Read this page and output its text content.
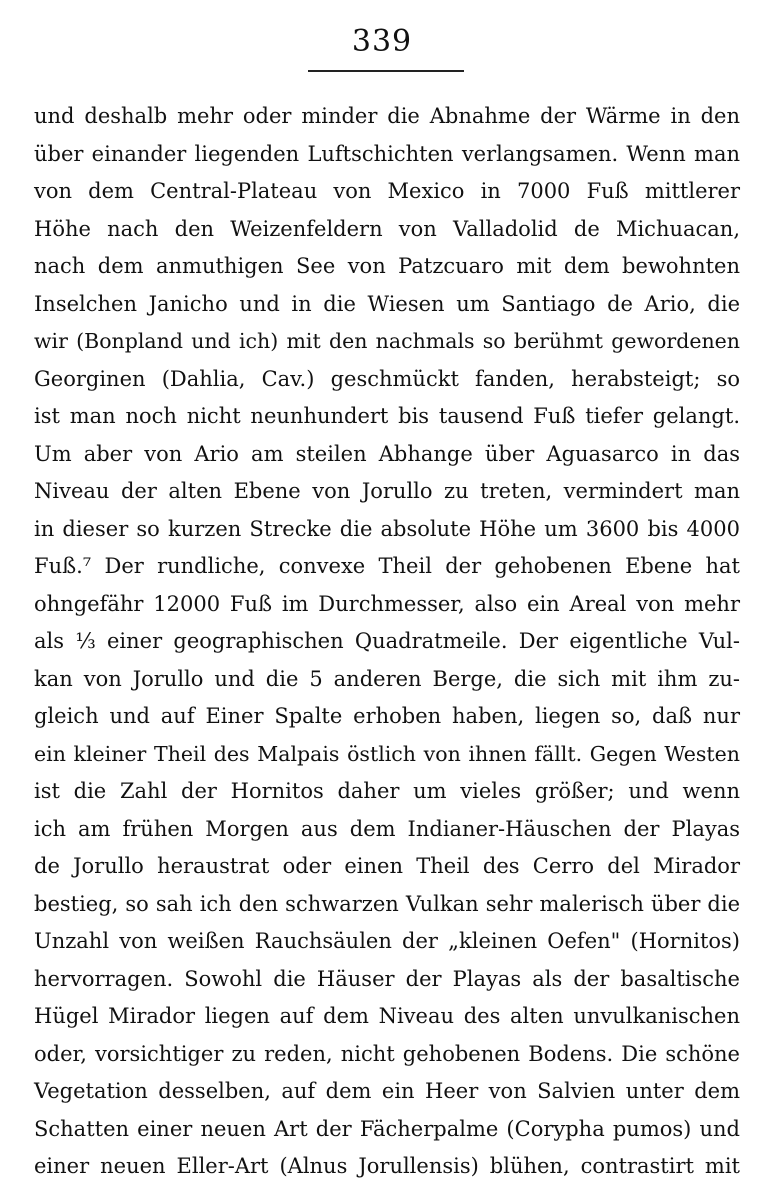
339
und deshalb mehr oder minder die Abnahme der Wärme in den
über einander liegenden Luftschichten verlangsamen. Wenn man
von dem Central-Plateau von Mexico in 7000 Fuß mittlerer
Höhe nach den Weizenfeldern von Valladolid de Michuacan,
nach dem anmuthigen See von Patzcuaro mit dem bewohnten
Inselchen Janicho und in die Wiesen um Santiago de Ario, die
wir (Bonpland und ich) mit den nachmals so berühmt gewordenen
Georginen (Dahlia, Cav.) geschmückt fanden, herabsteigt; so
ist man noch nicht neunhundert bis tausend Fuß tiefer gelangt.
Um aber von Ario am steilen Abhange über Aguasarco in das
Niveau der alten Ebene von Jorullo zu treten, vermindert man
in dieser so kurzen Strecke die absolute Höhe um 3600 bis 4000
Fuß.⁷ Der rundliche, convexe Theil der gehobenen Ebene hat
ohngefähr 12000 Fuß im Durchmesser, also ein Areal von mehr
als ⅓ einer geographischen Quadratmeile. Der eigentliche Vul-
kan von Jorullo und die 5 anderen Berge, die sich mit ihm zu-
gleich und auf Einer Spalte erhoben haben, liegen so, daß nur
ein kleiner Theil des Malpais östlich von ihnen fällt. Gegen Westen
ist die Zahl der Hornitos daher um vieles größer; und wenn
ich am frühen Morgen aus dem Indianer-Häuschen der Playas
de Jorullo heraustrat oder einen Theil des Cerro del Mirador
bestieg, so sah ich den schwarzen Vulkan sehr malerisch über die
Unzahl von weißen Rauchsäulen der „kleinen Oefen" (Hornitos)
hervorragen. Sowohl die Häuser der Playas als der basaltische
Hügel Mirador liegen auf dem Niveau des alten unvulkanischen
oder, vorsichtiger zu reden, nicht gehobenen Bodens. Die schöne
Vegetation desselben, auf dem ein Heer von Salvien unter dem
Schatten einer neuen Art der Fächerpalme (Corypha pumos) und
einer neuen Eller-Art (Alnus Jorullensis) blühen, contrastirt mit
